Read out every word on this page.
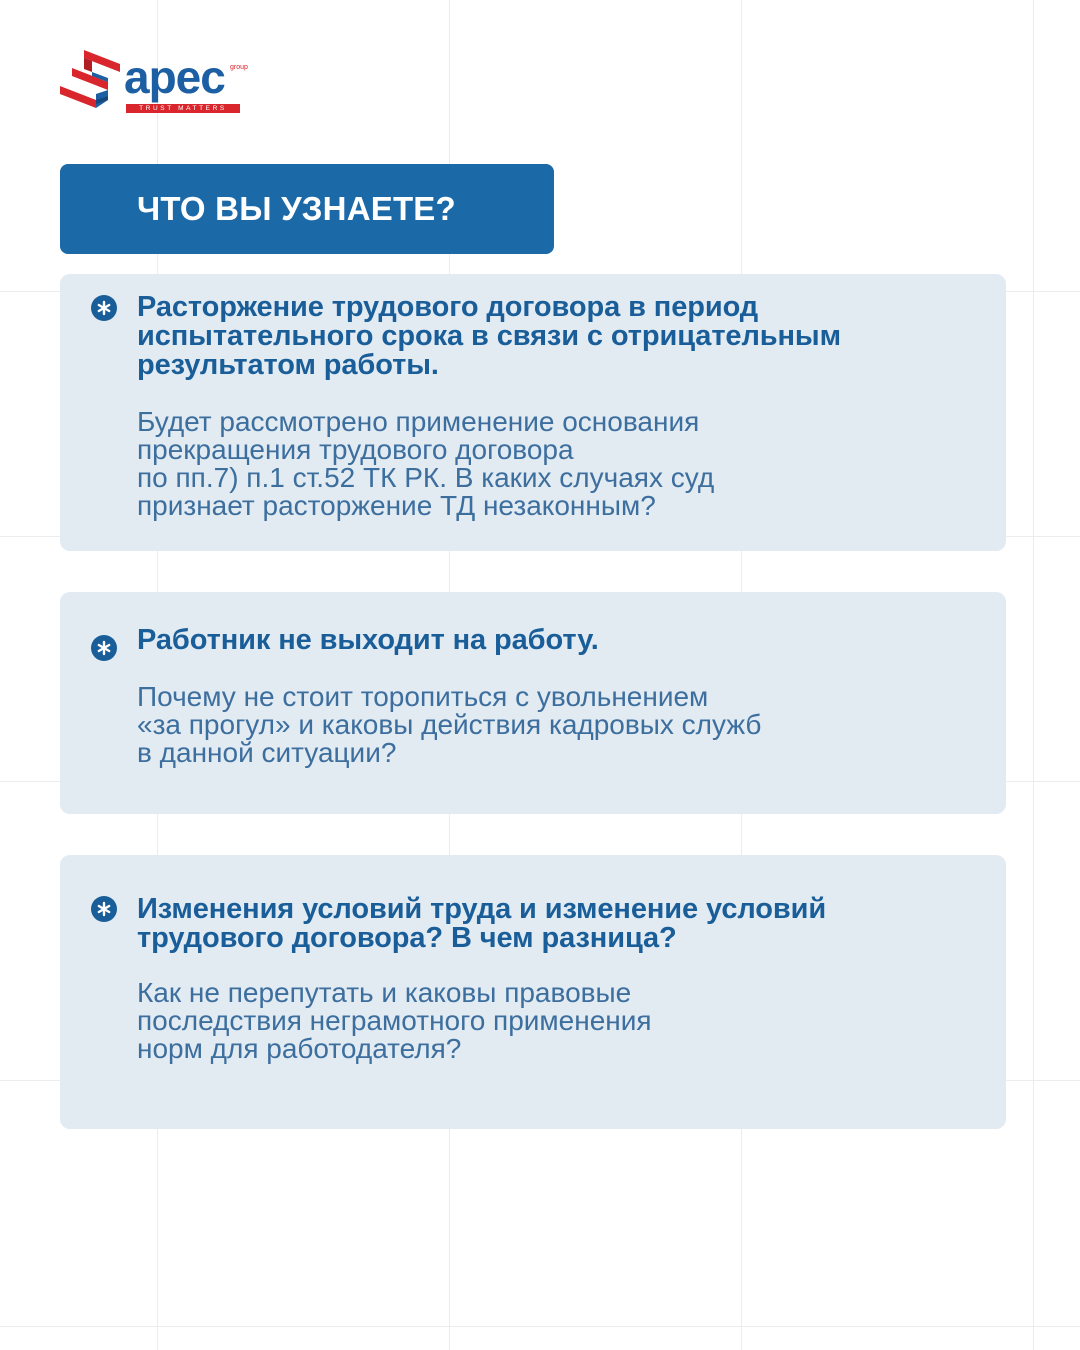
apec group
TRUST MATTERS
ЧТО ВЫ УЗНАЕТЕ?

Расторжение трудового договора в период испытательного срока в связи с отрицательным результатом работы.

Будет рассмотрено применение основания
прекращения трудового договора
по пп.7) п.1 ст.52 ТК РК. В каких случаях суд
признает расторжение ТД незаконным?

Работник не выходит на работу.

Почему не стоит торопиться с увольнением
«за прогул» и каковы действия кадровых служб
в данной ситуации?

Изменения условий труда и изменение условий трудового договора? В чем разница?

Как не перепутать и каковы правовые
последствия неграмотного применения
норм для работодателя?
